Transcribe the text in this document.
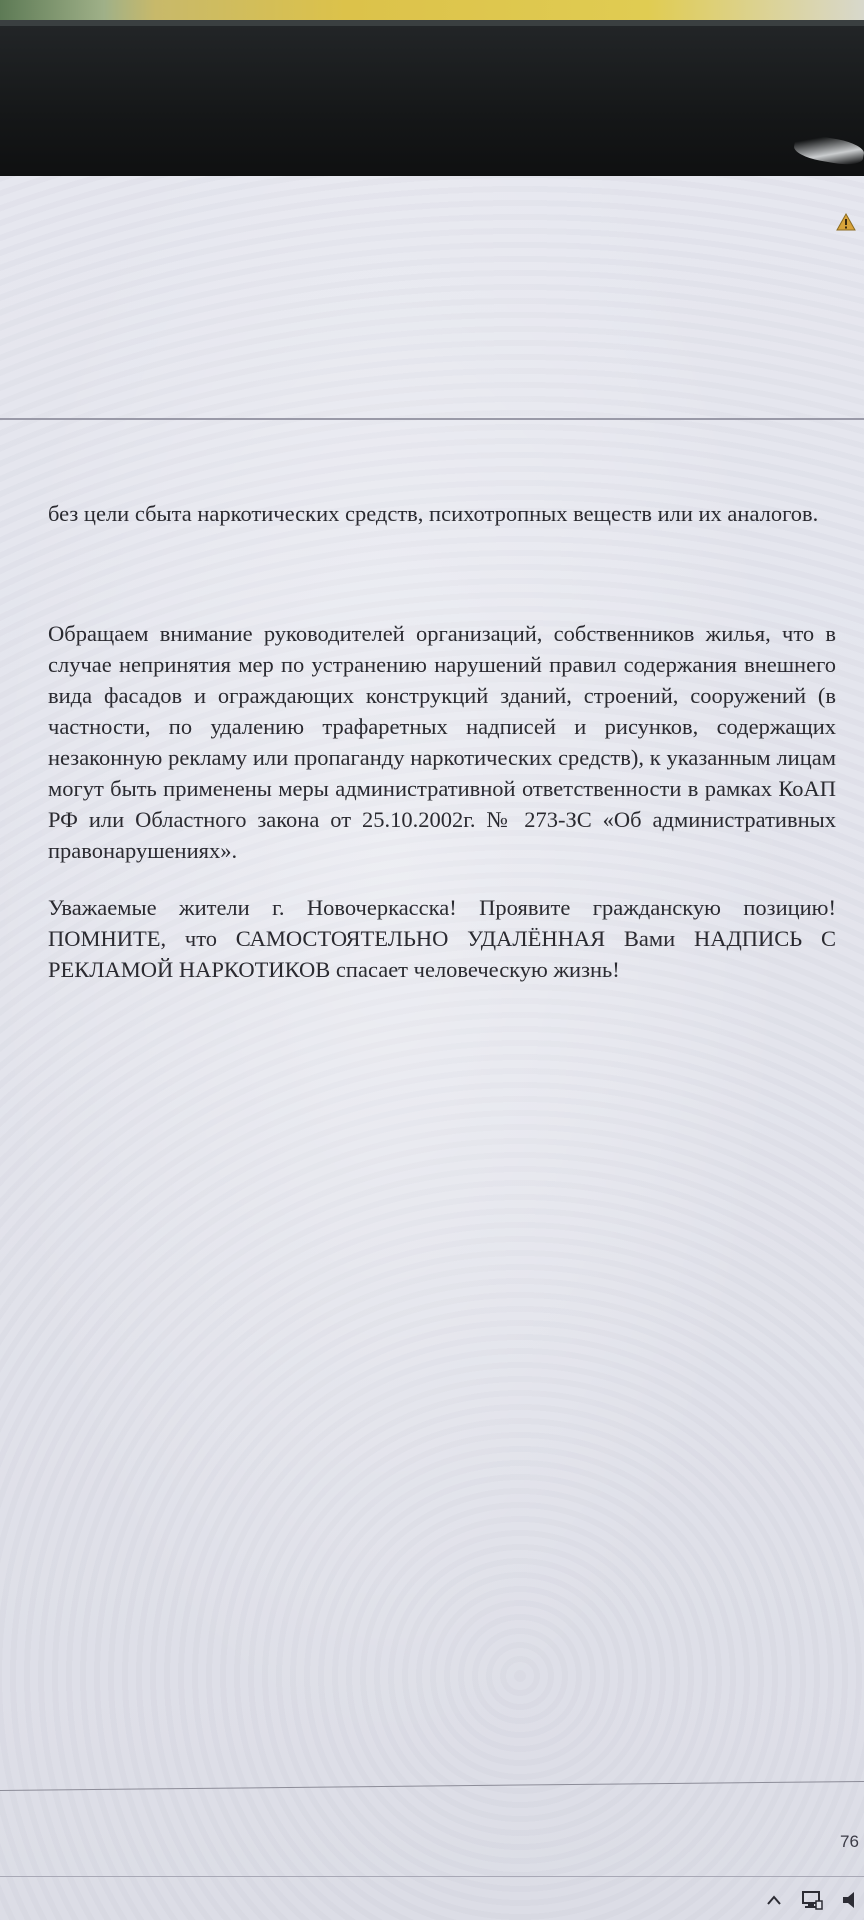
без цели сбыта наркотических средств, психотропных веществ или их аналогов.

Обращаем внимание руководителей организаций, собственников жилья, что в случае непринятия мер по устранению нарушений правил содержания внешнего вида фасадов и ограждающих конструкций зданий, строений, сооружений (в частности, по удалению трафаретных надписей и рисунков, содержащих незаконную рекламу или пропаганду наркотических средств), к указанным лицам могут быть применены меры административной ответственности в рамках КоАП РФ или Областного закона от 25.10.2002г. № 273-ЗС «Об административных правонарушениях».

Уважаемые жители г. Новочеркасска! Проявите гражданскую позицию! ПОМНИТЕ, что САМОСТОЯТЕЛЬНО УДАЛЁННАЯ Вами НАДПИСЬ С РЕКЛАМОЙ НАРКОТИКОВ спасает человеческую жизнь!

76
